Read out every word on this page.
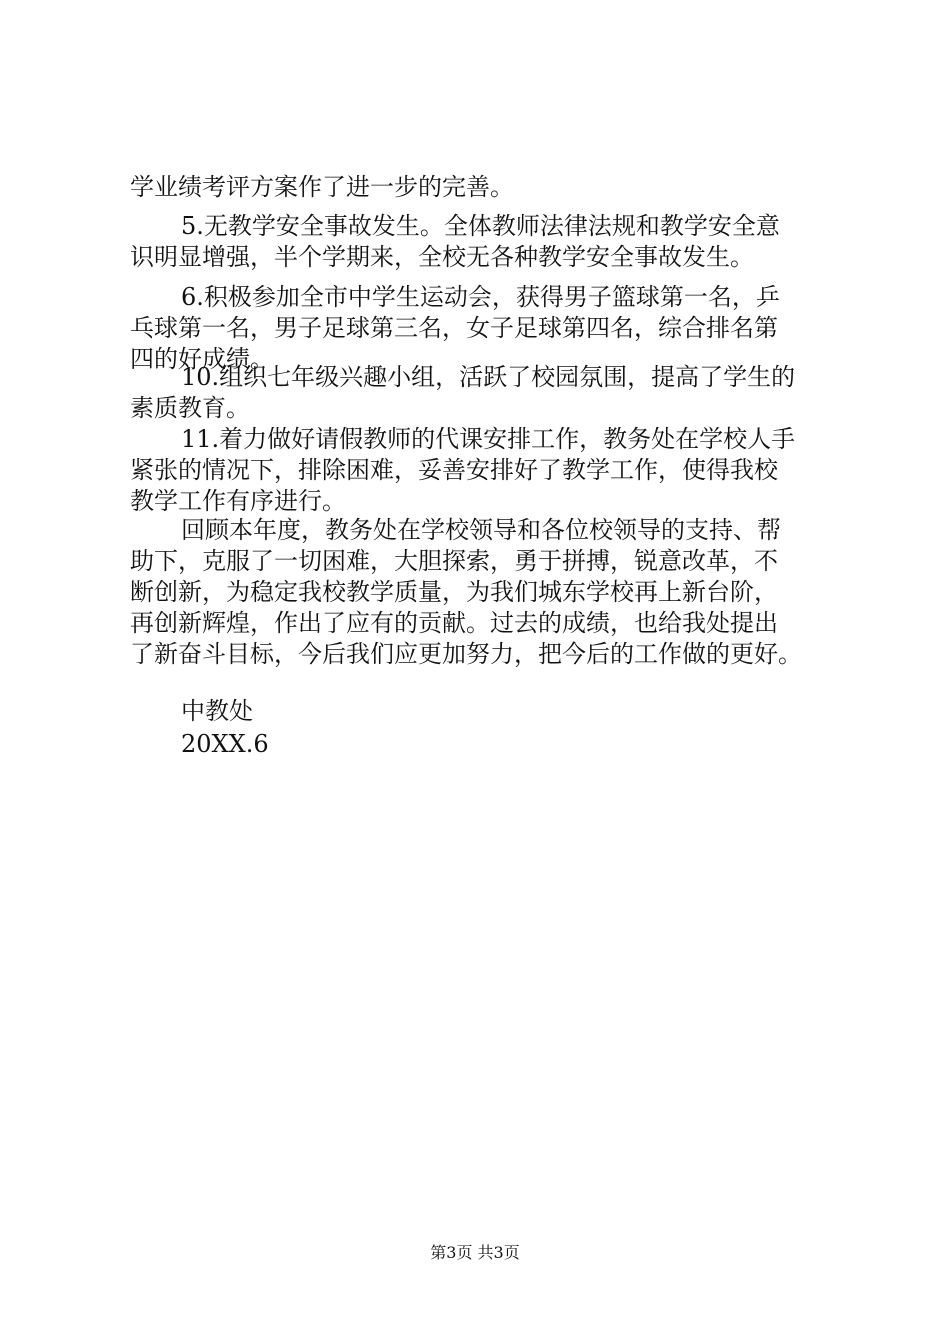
学业绩考评方案作了进一步的完善。
5.无教学安全事故发生。全体教师法律法规和教学安全意
识明显增强，半个学期来，全校无各种教学安全事故发生。
6.积极参加全市中学生运动会，获得男子篮球第一名，乒
乓球第一名，男子足球第三名，女子足球第四名，综合排名第
四的好成绩。
10.组织七年级兴趣小组，活跃了校园氛围，提高了学生的
素质教育。
11.着力做好请假教师的代课安排工作，教务处在学校人手
紧张的情况下，排除困难，妥善安排好了教学工作，使得我校
教学工作有序进行。
回顾本年度，教务处在学校领导和各位校领导的支持、帮
助下，克服了一切困难，大胆探索，勇于拼搏，锐意改革，不
断创新，为稳定我校教学质量，为我们城东学校再上新台阶，
再创新辉煌，作出了应有的贡献。过去的成绩，也给我处提出
了新奋斗目标，今后我们应更加努力，把今后的工作做的更好。
中教处
20XX.6
第3页 共3页
